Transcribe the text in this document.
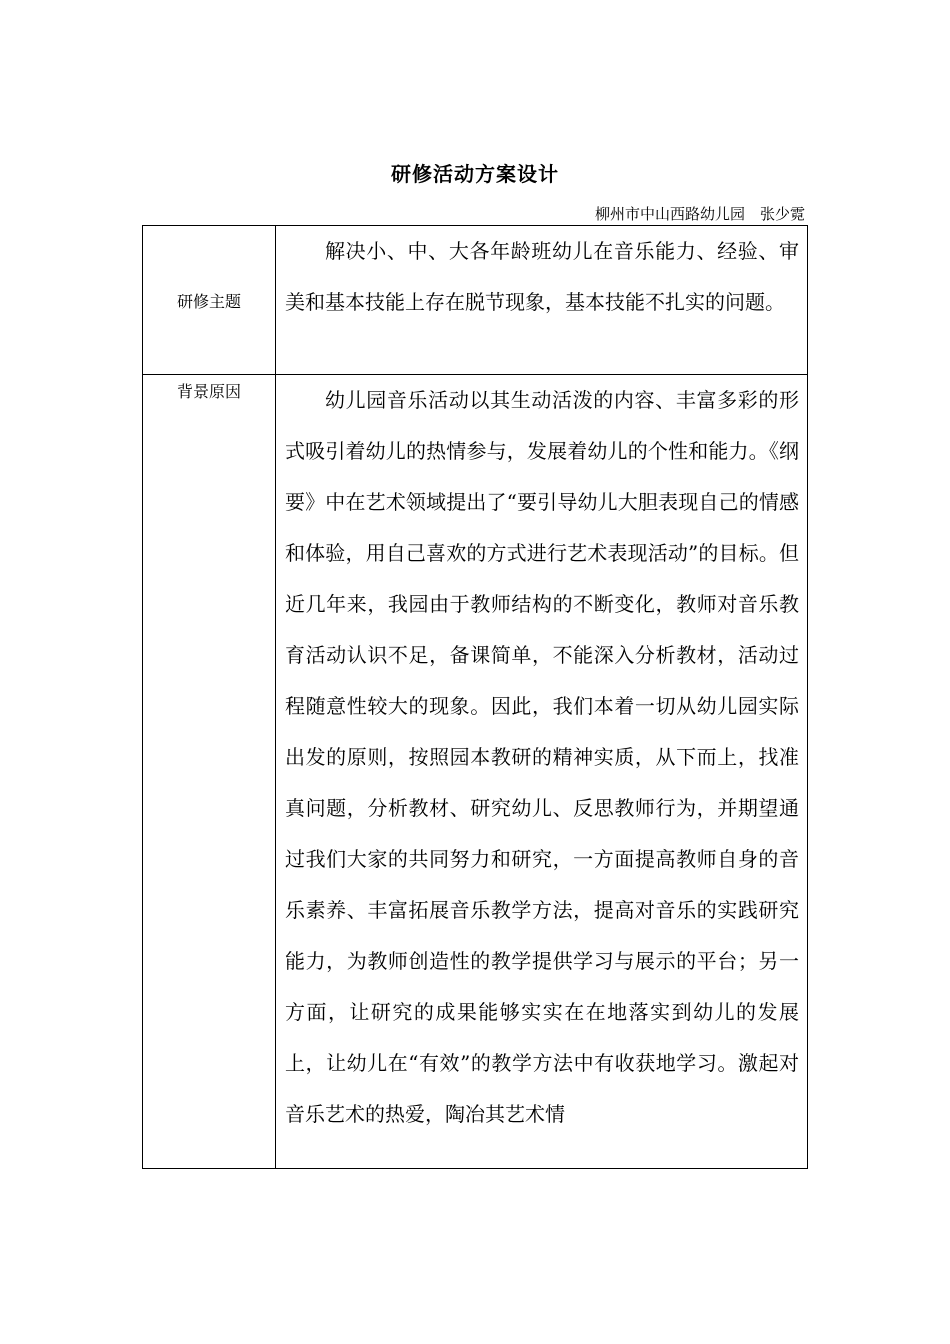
研修活动方案设计
柳州市中山西路幼儿园　张少霓
研修主题	解决小、中、大各年龄班幼儿在音乐能力、经验、审美和基本技能上存在脱节现象，基本技能不扎实的问题。
背景原因	幼儿园音乐活动以其生动活泼的内容、丰富多彩的形式吸引着幼儿的热情参与，发展着幼儿的个性和能力。《纲要》中在艺术领域提出了“要引导幼儿大胆表现自己的情感和体验，用自己喜欢的方式进行艺术表现活动”的目标。但近几年来，我园由于教师结构的不断变化，教师对音乐教育活动认识不足，备课简单，不能深入分析教材，活动过程随意性较大的现象。因此，我们本着一切从幼儿园实际出发的原则，按照园本教研的精神实质，从下而上，找准真问题，分析教材、研究幼儿、反思教师行为，并期望通过我们大家的共同努力和研究，一方面提高教师自身的音乐素养、丰富拓展音乐教学方法，提高对音乐的实践研究能力，为教师创造性的教学提供学习与展示的平台；另一方面，让研究的成果能够实实在在地落实到幼儿的发展上，让幼儿在“有效”的教学方法中有收获地学习。激起对音乐艺术的热爱，陶冶其艺术情
